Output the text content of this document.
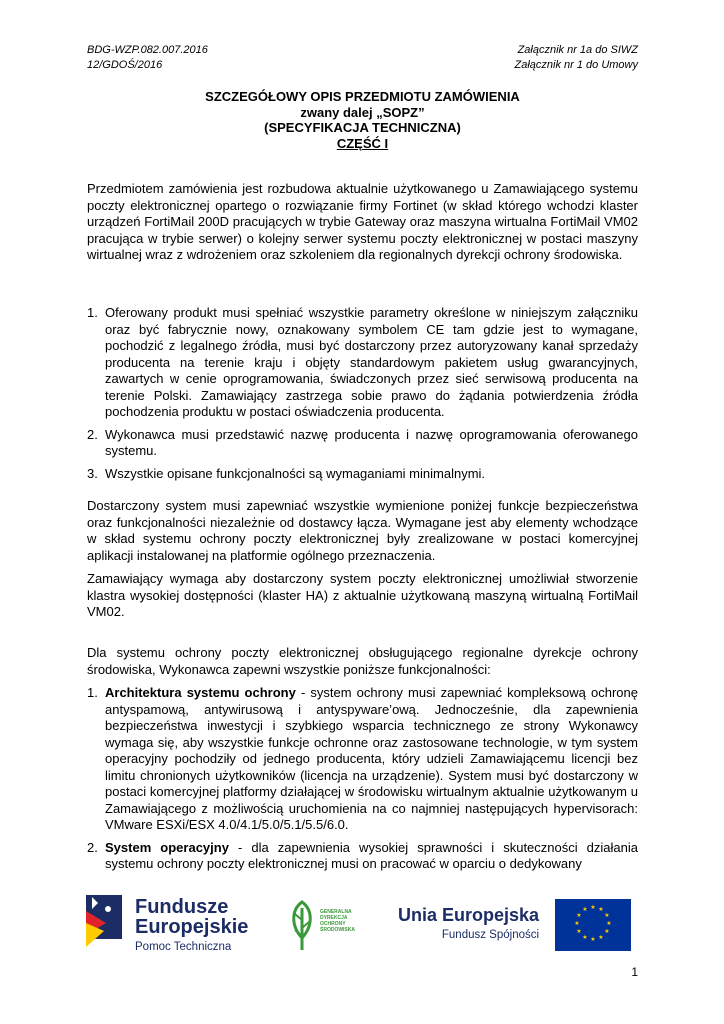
BDG-WZP.082.007.2016
12/GDOŚ/2016
Załącznik nr 1a do SIWZ
Załącznik nr 1 do Umowy
SZCZEGÓŁOWY OPIS PRZEDMIOTU ZAMÓWIENIA
zwany dalej „SOPZ”
(SPECYFIKACJA TECHNICZNA)
CZĘŚĆ I

Przedmiotem zamówienia jest rozbudowa aktualnie użytkowanego u Zamawiającego systemu poczty elektronicznej opartego o rozwiązanie firmy Fortinet (w skład którego wchodzi klaster urządzeń FortiMail 200D pracujących w trybie Gateway oraz maszyna wirtualna FortiMail VM02 pracująca w trybie serwer) o kolejny serwer systemu poczty elektronicznej w postaci maszyny wirtualnej wraz z wdrożeniem oraz szkoleniem dla regionalnych dyrekcji ochrony środowiska.

1. Oferowany produkt musi spełniać wszystkie parametry określone w niniejszym załączniku oraz być fabrycznie nowy, oznakowany symbolem CE tam gdzie jest to wymagane, pochodzić z legalnego źródła, musi być dostarczony przez autoryzowany kanał sprzedaży producenta na terenie kraju i objęty standardowym pakietem usług gwarancyjnych, zawartych w cenie oprogramowania, świadczonych przez sieć serwisową producenta na terenie Polski. Zamawiający zastrzega sobie prawo do żądania potwierdzenia źródła pochodzenia produktu w postaci oświadczenia producenta.
2. Wykonawca musi przedstawić nazwę producenta i nazwę oprogramowania oferowanego systemu.
3. Wszystkie opisane funkcjonalności są wymaganiami minimalnymi.

Dostarczony system musi zapewniać wszystkie wymienione poniżej funkcje bezpieczeństwa oraz funkcjonalności niezależnie od dostawcy łącza. Wymagane jest aby elementy wchodzące w skład systemu ochrony poczty elektronicznej były zrealizowane w postaci komercyjnej aplikacji instalowanej na platformie ogólnego przeznaczenia.

Zamawiający wymaga aby dostarczony system poczty elektronicznej umożliwiał stworzenie klastra wysokiej dostępności (klaster HA) z aktualnie użytkowaną maszyną wirtualną FortiMail VM02.

Dla systemu ochrony poczty elektronicznej obsługującego regionalne dyrekcje ochrony środowiska, Wykonawca zapewni wszystkie poniższe funkcjonalności:

1. Architektura systemu ochrony - system ochrony musi zapewniać kompleksową ochronę antyspamową, antywirusową i antyspyware’ową. Jednocześnie, dla zapewnienia bezpieczeństwa inwestycji i szybkiego wsparcia technicznego ze strony Wykonawcy wymaga się, aby wszystkie funkcje ochronne oraz zastosowane technologie, w tym system operacyjny pochodziły od jednego producenta, który udzieli Zamawiającemu licencji bez limitu chronionych użytkowników (licencja na urządzenie). System musi być dostarczony w postaci komercyjnej platformy działającej w środowisku wirtualnym aktualnie użytkowanym u Zamawiającego z możliwością uruchomienia na co najmniej następujących hypervisorach: VMware ESXi/ESX 4.0/4.1/5.0/5.1/5.5/6.0.
2. System operacyjny - dla zapewnienia wysokiej sprawności i skuteczności działania systemu ochrony poczty elektronicznej musi on pracować w oparciu o dedykowany
Fundusze
Europejskie
Pomoc Techniczna
GENERALNA
DYREKCJA
OCHRONY
ŚRODOWISKA
Unia Europejska
Fundusz Spójności
★ ★
★
★
★
★
★
★
★
★
★
★
1
